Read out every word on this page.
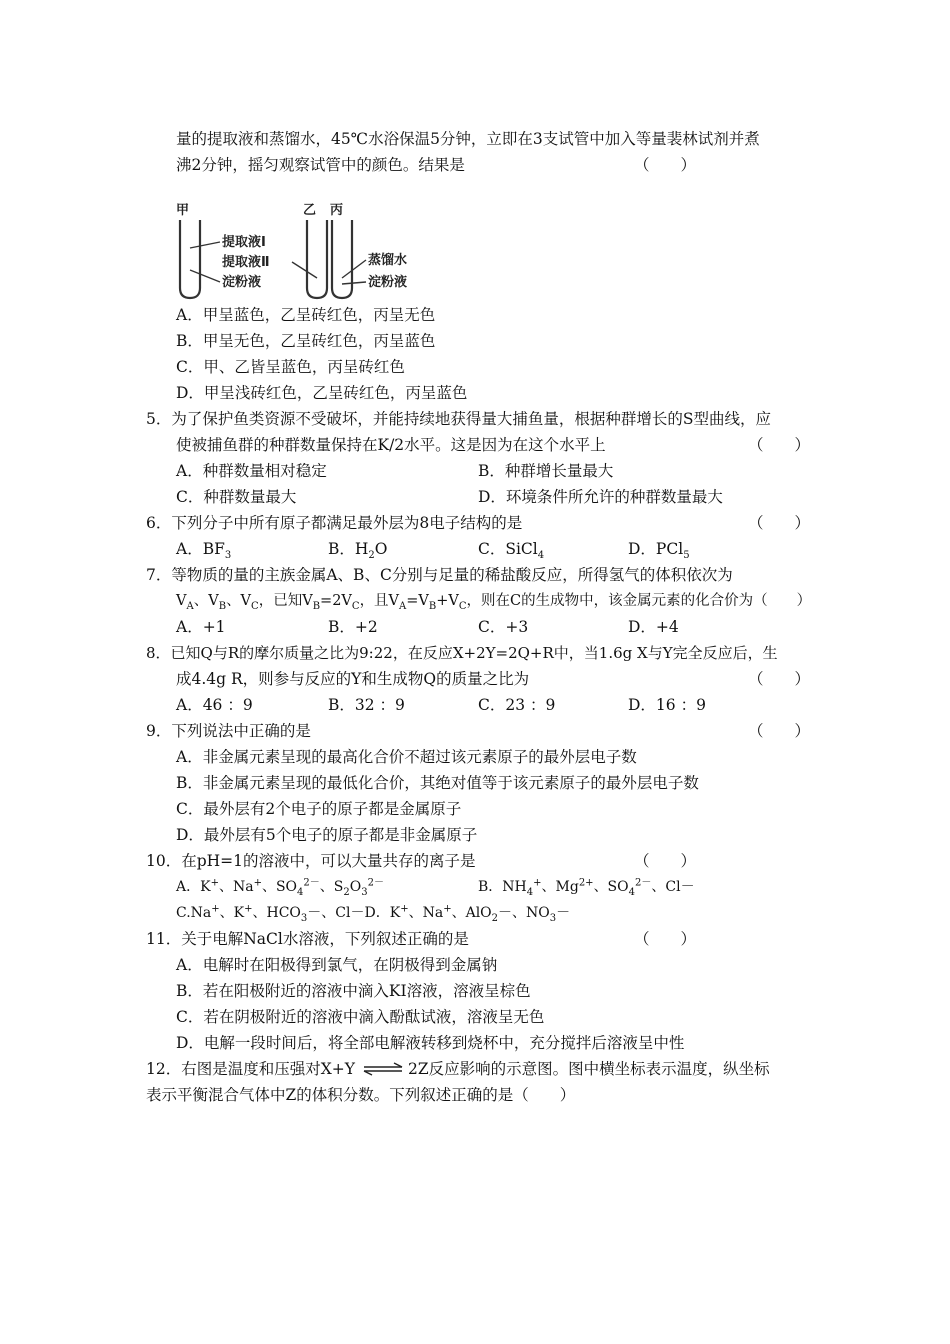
量的提取液和蒸馏水，45℃水浴保温5分钟，立即在3支试管中加入等量裴林试剂并煮
沸2分钟，摇匀观察试管中的颜色。结果是	（　　）
甲	乙 丙
提取液Ⅰ
提取液Ⅱ
淀粉液
蒸馏水
淀粉液
A．甲呈蓝色，乙呈砖红色，丙呈无色
B．甲呈无色，乙呈砖红色，丙呈蓝色
C．甲、乙皆呈蓝色，丙呈砖红色
D．甲呈浅砖红色，乙呈砖红色，丙呈蓝色
5．为了保护鱼类资源不受破坏，并能持续地获得量大捕鱼量，根据种群增长的S型曲线，应
使被捕鱼群的种群数量保持在K/2水平。这是因为在这个水平上	（　　）
A．种群数量相对稳定	B．种群增长量最大
C．种群数量最大	D．环境条件所允许的种群数量最大
6．下列分子中所有原子都满足最外层为8电子结构的是	（　　）
A．$BF_3$	B．$H_2O$	C．SiCl$_4$	D．PCl$_5$
7．等物质的量的主族金属A、B、C分别与足量的稀盐酸反应，所得氢气的体积依次为
$V_A$、$V_B$、$V_C$，已知$V_B=2V_C$，且$V_A=V_B+V_C$，则在C的生成物中，该金属元素的化合价为（　　）
A．+1	B．+2	C．+3	D．+4
8．已知Q与R的摩尔质量之比为9:22，在反应X+2Y=2Q+R中，当1.6g X与Y完全反应后，生
成4.4g R，则参与反应的Y和生成物Q的质量之比为	（　　）
A．46 ：9	B．32 ：9	C．23 ：9	D．16 ：9
9．下列说法中正确的是	（　　）
A．非金属元素呈现的最高化合价不超过该元素原子的最外层电子数
B．非金属元素呈现的最低化合价，其绝对值等于该元素原子的最外层电子数
C．最外层有2个电子的原子都是金属原子
D．最外层有5个电子的原子都是非金属原子
10．在pH=1的溶液中，可以大量共存的离子是	（　　）
A．K+、Na+、$SO_4^{2-}$、$S_2O_3^{2-}$	B．$NH_4^+$、$Mg^{2+}$、$SO_4^{2-}$、Cl－
C.Na+、K+、$HCO_3-$、Cl－D．K+、Na+、AlO$_2$－、$NO_3-$
11．关于电解NaCl水溶液，下列叙述正确的是	（　　）
A．电解时在阳极得到氯气，在阴极得到金属钠
B．若在阳极附近的溶液中滴入KI溶液，溶液呈棕色
C．若在阴极附近的溶液中滴入酚酞试液，溶液呈无色
D．电解一段时间后，将全部电解液转移到烧杯中，充分搅拌后溶液呈中性
12．右图是温度和压强对X+Y ⇌ 2Z反应影响的示意图。图中横坐标表示温度，纵坐标
表示平衡混合气体中Z的体积分数。下列叙述正确的是（　　）
